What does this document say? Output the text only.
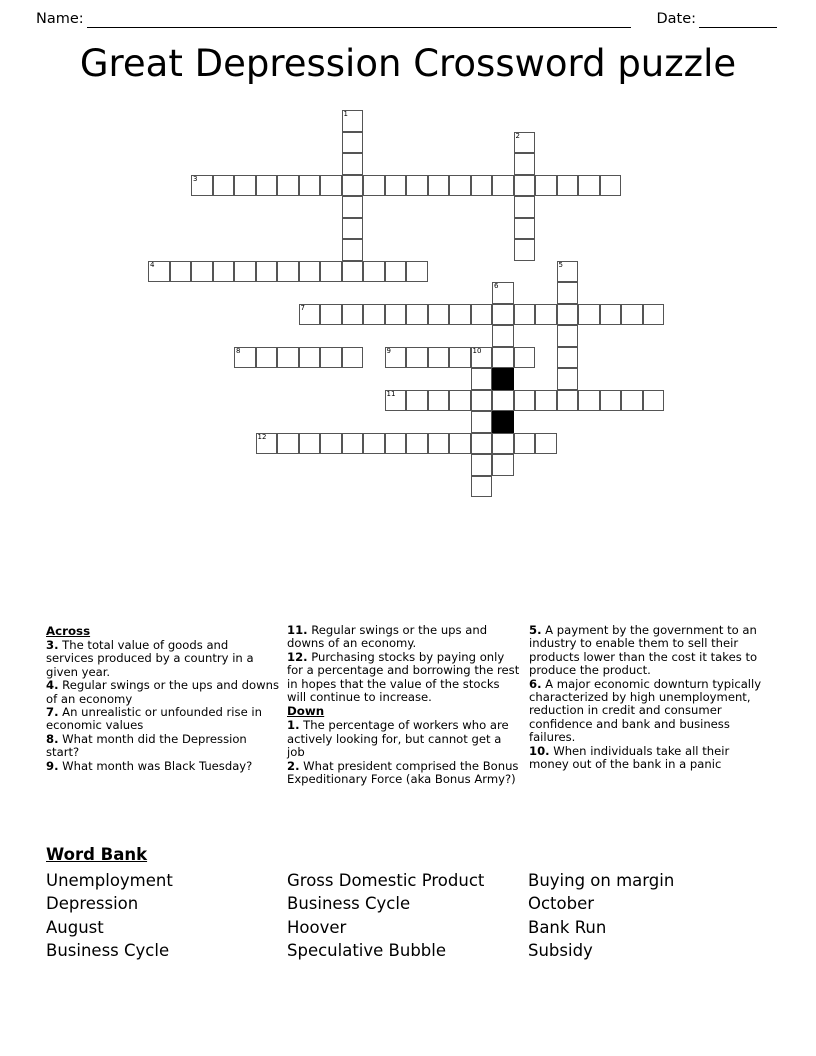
Name:	Date:
Great Depression Crossword puzzle
1
2
3
4	5
6
7
8	9	10
11
12
Across
3. The total value of goods and services produced by a country in a given year.
4. Regular swings or the ups and downs of an economy
7. An unrealistic or unfounded rise in economic values
8. What month did the Depression start?
9. What month was Black Tuesday?
11. Regular swings or the ups and downs of an economy.
12. Purchasing stocks by paying only for a percentage and borrowing the rest in hopes that the value of the stocks will continue to increase.
Down
1. The percentage of workers who are actively looking for, but cannot get a job
2. What president comprised the Bonus Expeditionary Force (aka Bonus Army?)
5. A payment by the government to an industry to enable them to sell their products lower than the cost it takes to produce the product.
6. A major economic downturn typically characterized by high unemployment, reduction in credit and consumer confidence and bank and business failures.
10. When individuals take all their money out of the bank in a panic
Word Bank
Unemployment
Depression
August
Business Cycle
Gross Domestic Product
Business Cycle
Hoover
Speculative Bubble
Buying on margin
October
Bank Run
Subsidy
